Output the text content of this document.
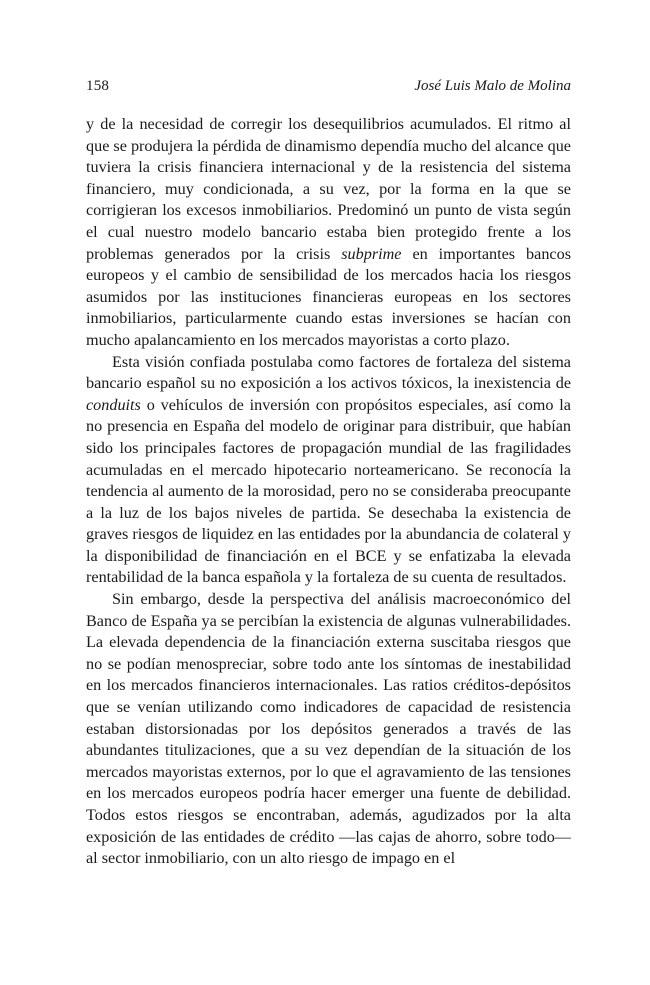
158	José Luis Malo de Molina

y de la necesidad de corregir los desequilibrios acumulados. El ritmo al que se produjera la pérdida de dinamismo dependía mucho del alcance que tuviera la crisis financiera internacional y de la resistencia del sistema financiero, muy condicionada, a su vez, por la forma en la que se corrigieran los excesos inmobiliarios. Predominó un punto de vista según el cual nuestro modelo bancario estaba bien protegido frente a los problemas generados por la crisis subprime en importantes bancos europeos y el cambio de sensibilidad de los mercados hacia los riesgos asumidos por las instituciones financieras europeas en los sectores inmobiliarios, particularmente cuando estas inversiones se hacían con mucho apalancamiento en los mercados mayoristas a corto plazo.

Esta visión confiada postulaba como factores de fortaleza del sistema bancario español su no exposición a los activos tóxicos, la inexistencia de conduits o vehículos de inversión con propósitos especiales, así como la no presencia en España del modelo de originar para distribuir, que habían sido los principales factores de propagación mundial de las fragilidades acumuladas en el mercado hipotecario norteamericano. Se reconocía la tendencia al aumento de la morosidad, pero no se consideraba preocupante a la luz de los bajos niveles de partida. Se desechaba la existencia de graves riesgos de liquidez en las entidades por la abundancia de colateral y la disponibilidad de financiación en el BCE y se enfatizaba la elevada rentabilidad de la banca española y la fortaleza de su cuenta de resultados.

Sin embargo, desde la perspectiva del análisis macroeconómico del Banco de España ya se percibían la existencia de algunas vulnerabilidades. La elevada dependencia de la financiación externa suscitaba riesgos que no se podían menospreciar, sobre todo ante los síntomas de inestabilidad en los mercados financieros internacionales. Las ratios créditos-depósitos que se venían utilizando como indicadores de capacidad de resistencia estaban distorsionadas por los depósitos generados a través de las abundantes titulizaciones, que a su vez dependían de la situación de los mercados mayoristas externos, por lo que el agravamiento de las tensiones en los mercados europeos podría hacer emerger una fuente de debilidad. Todos estos riesgos se encontraban, además, agudizados por la alta exposición de las entidades de crédito —las cajas de ahorro, sobre todo— al sector inmobiliario, con un alto riesgo de impago en el
